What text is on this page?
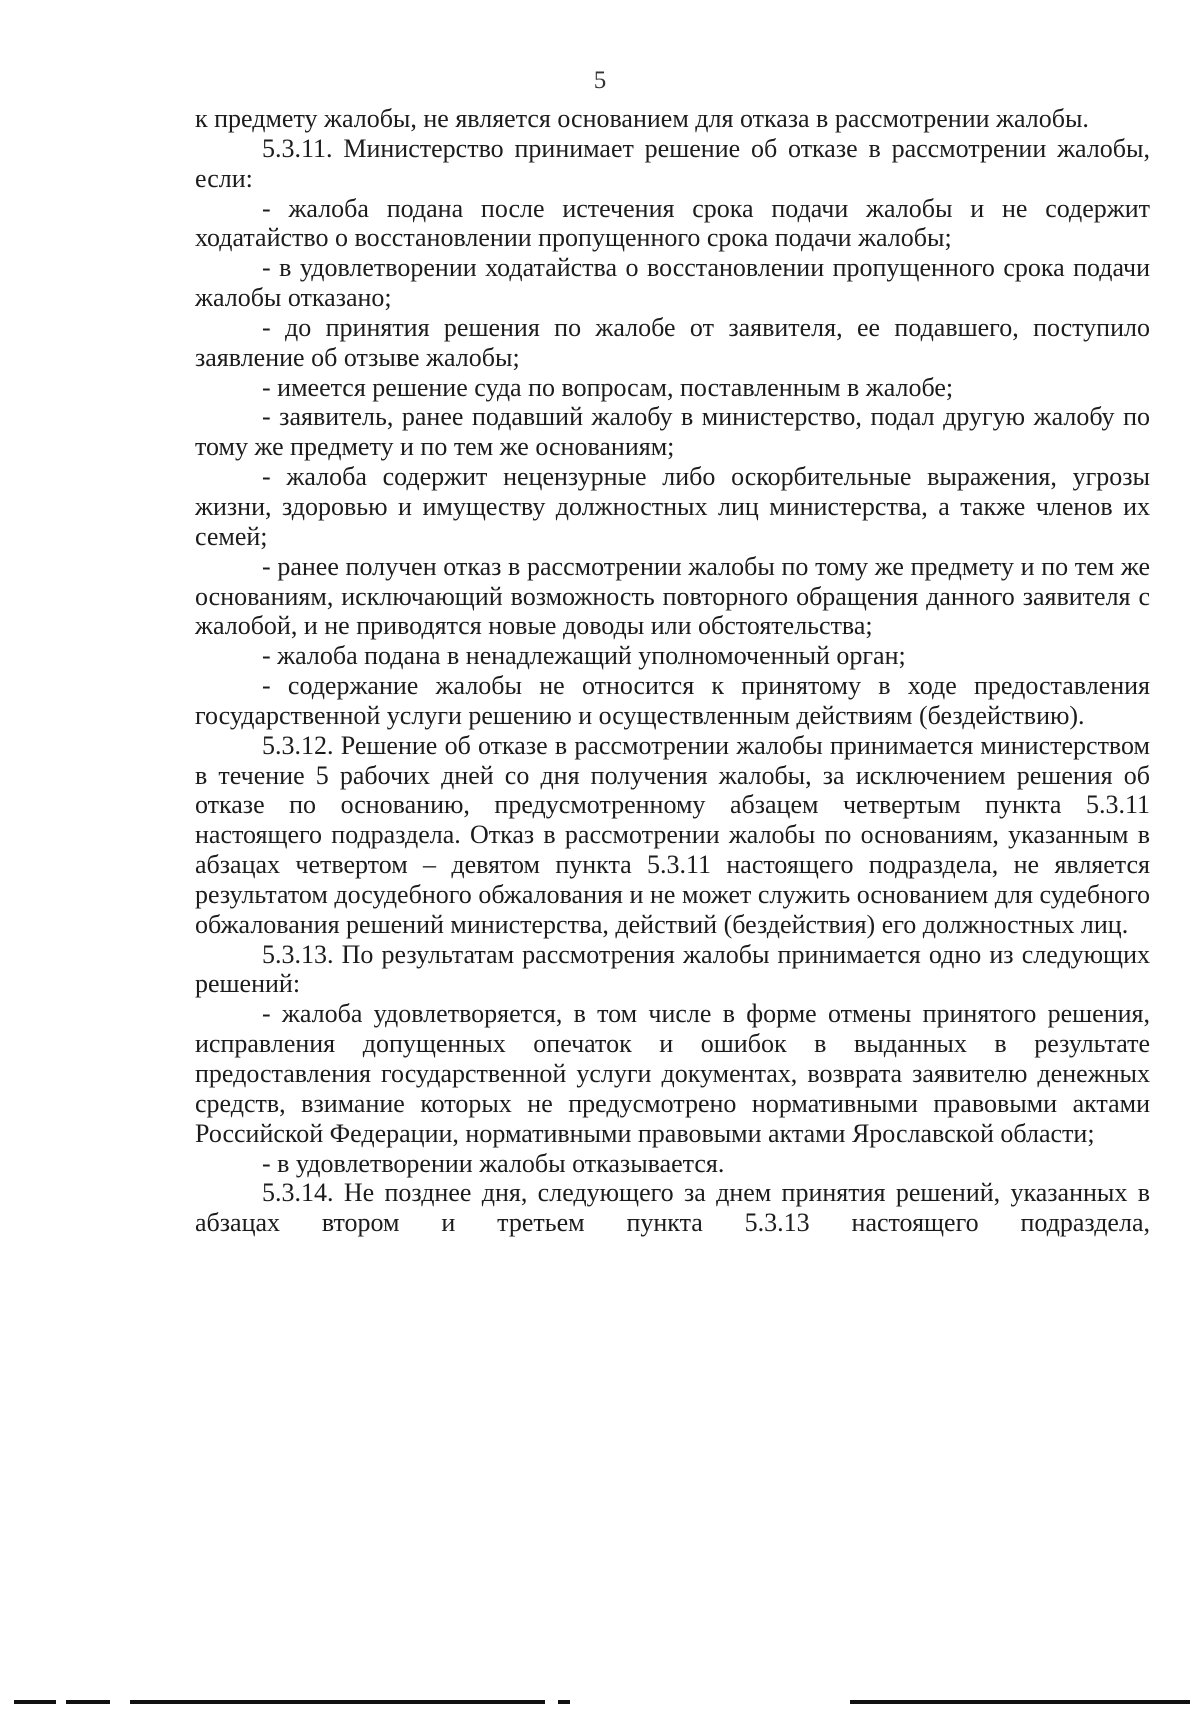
5

к предмету жалобы, не является основанием для отказа в рассмотрении жалобы.

5.3.11. Министерство принимает решение об отказе в рассмотрении жалобы, если:

- жалоба подана после истечения срока подачи жалобы и не содержит ходатайство о восстановлении пропущенного срока подачи жалобы;

- в удовлетворении ходатайства о восстановлении пропущенного срока подачи жалобы отказано;

- до принятия решения по жалобе от заявителя, ее подавшего, поступило заявление об отзыве жалобы;

- имеется решение суда по вопросам, поставленным в жалобе;

- заявитель, ранее подавший жалобу в министерство, подал другую жалобу по тому же предмету и по тем же основаниям;

- жалоба содержит нецензурные либо оскорбительные выражения, угрозы жизни, здоровью и имуществу должностных лиц министерства, а также членов их семей;

- ранее получен отказ в рассмотрении жалобы по тому же предмету и по тем же основаниям, исключающий возможность повторного обращения данного заявителя с жалобой, и не приводятся новые доводы или обстоятельства;

- жалоба подана в ненадлежащий уполномоченный орган;

- содержание жалобы не относится к принятому в ходе предоставления государственной услуги решению и осуществленным действиям (бездействию).

5.3.12. Решение об отказе в рассмотрении жалобы принимается министерством в течение 5 рабочих дней со дня получения жалобы, за исключением решения об отказе по основанию, предусмотренному абзацем четвертым пункта 5.3.11 настоящего подраздела. Отказ в рассмотрении жалобы по основаниям, указанным в абзацах четвертом – девятом пункта 5.3.11 настоящего подраздела, не является результатом досудебного обжалования и не может служить основанием для судебного обжалования решений министерства, действий (бездействия) его должностных лиц.

5.3.13. По результатам рассмотрения жалобы принимается одно из следующих решений:

- жалоба удовлетворяется, в том числе в форме отмены принятого решения, исправления допущенных опечаток и ошибок в выданных в результате предоставления государственной услуги документах, возврата заявителю денежных средств, взимание которых не предусмотрено нормативными правовыми актами Российской Федерации, нормативными правовыми актами Ярославской области;

- в удовлетворении жалобы отказывается.

5.3.14. Не позднее дня, следующего за днем принятия решений, указанных в абзацах втором и третьем пункта 5.3.13 настоящего подраздела,
